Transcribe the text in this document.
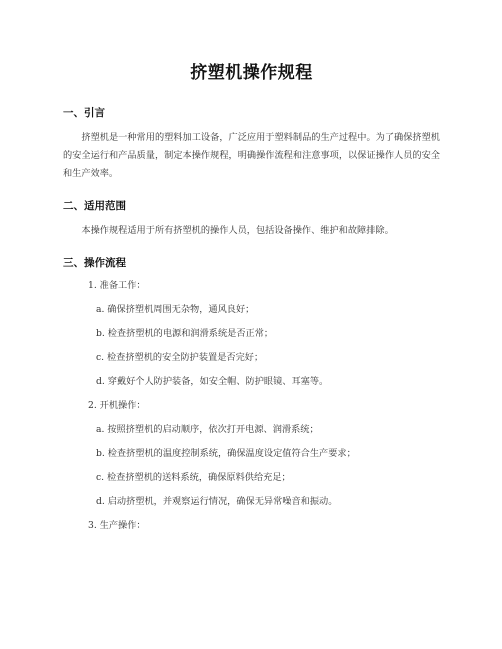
挤塑机操作规程
一、引言

挤塑机是一种常用的塑料加工设备，广泛应用于塑料制品的生产过程中。为了确保挤塑机的安全运行和产品质量，制定本操作规程，明确操作流程和注意事项，以保证操作人员的安全和生产效率。

二、适用范围

本操作规程适用于所有挤塑机的操作人员，包括设备操作、维护和故障排除。

三、操作流程
1. 准备工作：
a. 确保挤塑机周围无杂物，通风良好；
b. 检查挤塑机的电源和润滑系统是否正常；
c. 检查挤塑机的安全防护装置是否完好；
d. 穿戴好个人防护装备，如安全帽、防护眼镜、耳塞等。
2. 开机操作：
a. 按照挤塑机的启动顺序，依次打开电源、润滑系统；
b. 检查挤塑机的温度控制系统，确保温度设定值符合生产要求；
c. 检查挤塑机的送料系统，确保原料供给充足；
d. 启动挤塑机，并观察运行情况，确保无异常噪音和振动。
3. 生产操作：
